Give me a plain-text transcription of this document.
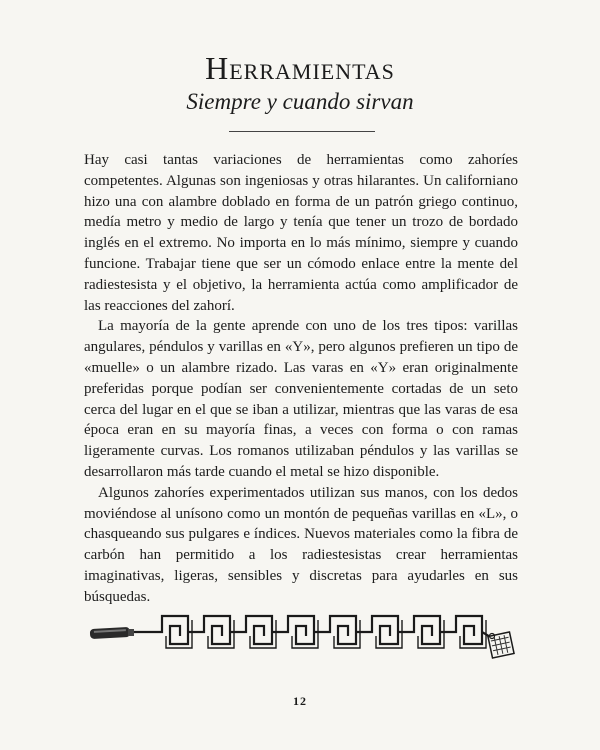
Herramientas
Siempre y cuando sirvan

Hay casi tantas variaciones de herramientas como zahoríes competentes. Algunas son ingeniosas y otras hilarantes. Un californiano hizo una con alambre doblado en forma de un patrón griego continuo, medía metro y medio de largo y tenía que tener un trozo de bordado inglés en el extremo. No importa en lo más mínimo, siempre y cuando funcione. Trabajar tiene que ser un cómodo enlace entre la mente del radiestesista y el objetivo, la herramienta actúa como amplificador de las reacciones del zahorí.

La mayoría de la gente aprende con uno de los tres tipos: varillas angulares, péndulos y varillas en «Y», pero algunos prefieren un tipo de «muelle» o un alambre rizado. Las varas en «Y» eran originalmente preferidas porque podían ser convenientemente cortadas de un seto cerca del lugar en el que se iban a utilizar, mientras que las varas de esa época eran en su mayoría finas, a veces con forma o con ramas ligeramente curvas. Los romanos utilizaban péndulos y las varillas se desarrollaron más tarde cuando el metal se hizo disponible.

Algunos zahoríes experimentados utilizan sus manos, con los dedos moviéndose al unísono como un montón de pequeñas varillas en «L», o chasqueando sus pulgares e índices. Nuevos materiales como la fibra de carbón han permitido a los radiestesistas crear herramientas imaginativas, ligeras, sensibles y discretas para ayudarles en sus búsquedas.

12
